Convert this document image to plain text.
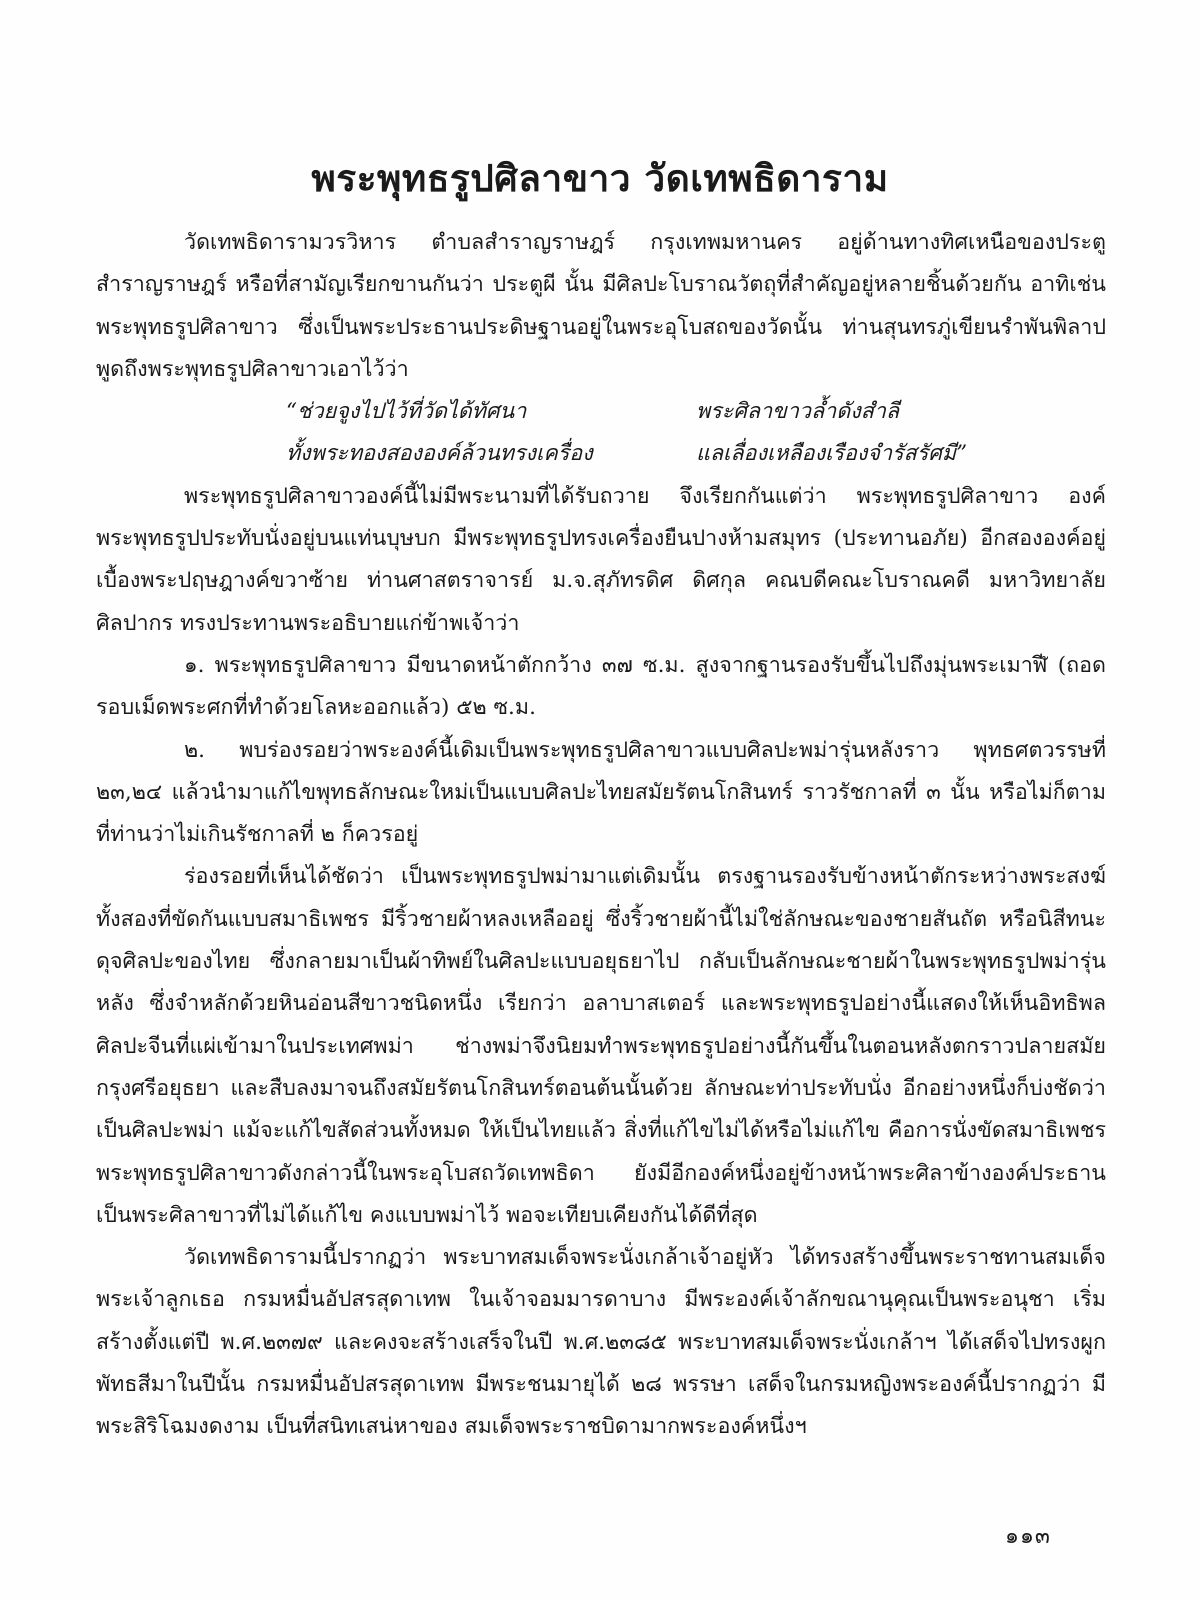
พระพุทธรูปศิลาขาว วัดเทพธิดาราม

วัดเทพธิดารามวรวิหาร ตำบลสำราญราษฎร์ กรุงเทพมหานคร อยู่ด้านทางทิศเหนือของประตูสำราญราษฎร์ หรือที่สามัญเรียกขานกันว่า ประตูผี นั้น มีศิลปะโบราณวัตถุที่สำคัญอยู่หลายชิ้นด้วยกัน อาทิเช่น พระพุทธรูปศิลาขาว ซึ่งเป็นพระประธานประดิษฐานอยู่ในพระอุโบสถของวัดนั้น ท่านสุนทรภู่เขียนรำพันพิลาปพูดถึงพระพุทธรูปศิลาขาวเอาไว้ว่า

“ช่วยจูงไปไว้ที่วัดได้ทัศนา	พระศิลาขาวล้ำดังสำลี
ทั้งพระทองสององค์ล้วนทรงเครื่อง	แลเลื่องเหลืองเรืองจำรัสรัศมี”

พระพุทธรูปศิลาขาวองค์นี้ไม่มีพระนามที่ได้รับถวาย จึงเรียกกันแต่ว่า พระพุทธรูปศิลาขาว องค์พระพุทธรูปประทับนั่งอยู่บนแท่นบุษบก มีพระพุทธรูปทรงเครื่องยืนปางห้ามสมุทร (ประทานอภัย) อีกสององค์อยู่เบื้องพระปฤษฎางค์ขวาซ้าย ท่านศาสตราจารย์ ม.จ.สุภัทรดิศ ดิศกุล คณบดีคณะโบราณคดี มหาวิทยาลัยศิลปากร ทรงประทานพระอธิบายแก่ข้าพเจ้าว่า

๑. พระพุทธรูปศิลาขาว มีขนาดหน้าตักกว้าง ๓๗ ซ.ม. สูงจากฐานรองรับขึ้นไปถึงมุ่นพระเมาฬี (ถอดรอบเม็ดพระศกที่ทำด้วยโลหะออกแล้ว) ๕๒ ซ.ม.

๒. พบร่องรอยว่าพระองค์นี้เดิมเป็นพระพุทธรูปศิลาขาวแบบศิลปะพม่ารุ่นหลังราว พุทธศตวรรษที่ ๒๓,๒๔ แล้วนำมาแก้ไขพุทธลักษณะใหม่เป็นแบบศิลปะไทยสมัยรัตนโกสินทร์ ราวรัชกาลที่ ๓ นั้น หรือไม่ก็ตาม ที่ท่านว่าไม่เกินรัชกาลที่ ๒ ก็ควรอยู่

ร่องรอยที่เห็นได้ชัดว่า เป็นพระพุทธรูปพม่ามาแต่เดิมนั้น ตรงฐานรองรับข้างหน้าตักระหว่างพระสงฆ์ทั้งสองที่ขัดกันแบบสมาธิเพชร มีริ้วชายผ้าหลงเหลืออยู่ ซึ่งริ้วชายผ้านี้ไม่ใช่ลักษณะของชายสันถัต หรือนิสีทนะ ดุจศิลปะของไทย ซึ่งกลายมาเป็นผ้าทิพย์ในศิลปะแบบอยุธยาไป กลับเป็นลักษณะชายผ้าในพระพุทธรูปพม่ารุ่นหลัง ซึ่งจำหลักด้วยหินอ่อนสีขาวชนิดหนึ่ง เรียกว่า อลาบาสเตอร์ และพระพุทธรูปอย่างนี้แสดงให้เห็นอิทธิพลศิลปะจีนที่แผ่เข้ามาในประเทศพม่า ช่างพม่าจึงนิยมทำพระพุทธรูปอย่างนี้กันขึ้นในตอนหลังตกราวปลายสมัยกรุงศรีอยุธยา และสืบลงมาจนถึงสมัยรัตนโกสินทร์ตอนต้นนั้นด้วย ลักษณะท่าประทับนั่ง อีกอย่างหนึ่งก็บ่งชัดว่าเป็นศิลปะพม่า แม้จะแก้ไขสัดส่วนทั้งหมด ให้เป็นไทยแล้ว สิ่งที่แก้ไขไม่ได้หรือไม่แก้ไข คือการนั่งขัดสมาธิเพชร พระพุทธรูปศิลาขาวดังกล่าวนี้ในพระอุโบสถวัดเทพธิดา ยังมีอีกองค์หนึ่งอยู่ข้างหน้าพระศิลาข้างองค์ประธาน เป็นพระศิลาขาวที่ไม่ได้แก้ไข คงแบบพม่าไว้ พอจะเทียบเคียงกันได้ดีที่สุด

วัดเทพธิดารามนี้ปรากฏว่า พระบาทสมเด็จพระนั่งเกล้าเจ้าอยู่หัว ได้ทรงสร้างขึ้นพระราชทานสมเด็จพระเจ้าลูกเธอ กรมหมื่นอัปสรสุดาเทพ ในเจ้าจอมมารดาบาง มีพระองค์เจ้าลักขณานุคุณเป็นพระอนุชา เริ่มสร้างตั้งแต่ปี พ.ศ.๒๓๗๙ และคงจะสร้างเสร็จในปี พ.ศ.๒๓๘๕ พระบาทสมเด็จพระนั่งเกล้าฯ ได้เสด็จไปทรงผูกพัทธสีมาในปีนั้น กรมหมื่นอัปสรสุดาเทพ มีพระชนมายุได้ ๒๘ พรรษา เสด็จในกรมหญิงพระองค์นี้ปรากฏว่า มีพระสิริโฉมงดงาม เป็นที่สนิทเสน่หาของ สมเด็จพระราชบิดามากพระองค์หนึ่งฯ

๑๑๓
